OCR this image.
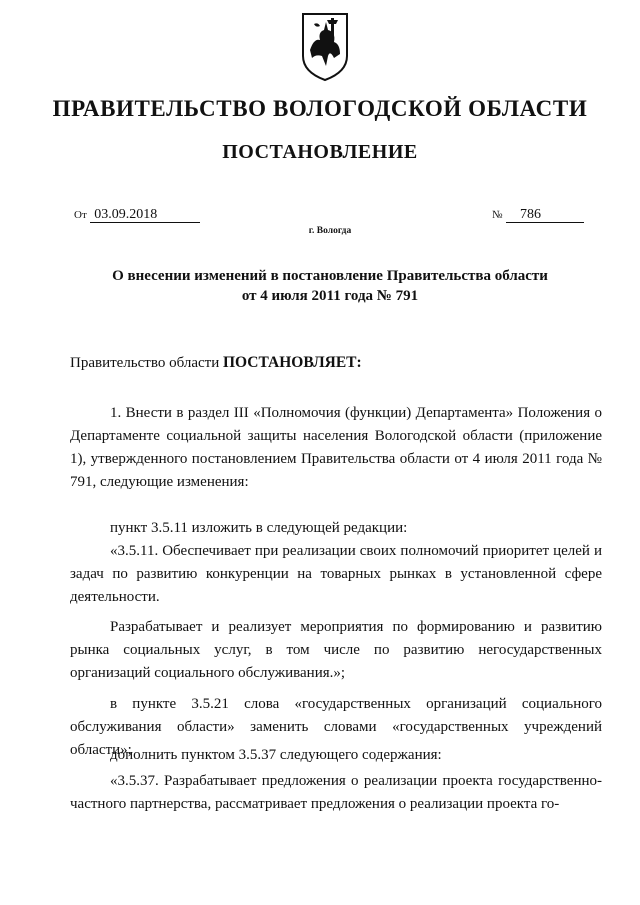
ПРАВИТЕЛЬСТВО ВОЛОГОДСКОЙ ОБЛАСТИ
ПОСТАНОВЛЕНИЕ
От 03.09.2018	№ 786
г. Вологда
О внесении изменений в постановление Правительства области
от 4 июля 2011 года № 791
Правительство области ПОСТАНОВЛЯЕТ:

1. Внести в раздел III «Полномочия (функции) Департамента» Положения о Департаменте социальной защиты населения Вологодской области (приложение 1), утвержденного постановлением Правительства области от 4 июля 2011 года № 791, следующие изменения:

пункт 3.5.11 изложить в следующей редакции:

«3.5.11. Обеспечивает при реализации своих полномочий приоритет целей и задач по развитию конкуренции на товарных рынках в установленной сфере деятельности.

Разрабатывает и реализует мероприятия по формированию и развитию рынка социальных услуг, в том числе по развитию негосударственных организаций социального обслуживания.»;

в пункте 3.5.21 слова «государственных организаций социального обслуживания области» заменить словами «государственных учреждений области»;

дополнить пунктом 3.5.37 следующего содержания:

«3.5.37. Разрабатывает предложения о реализации проекта государственно-частного партнерства, рассматривает предложения о реализации проекта го-
